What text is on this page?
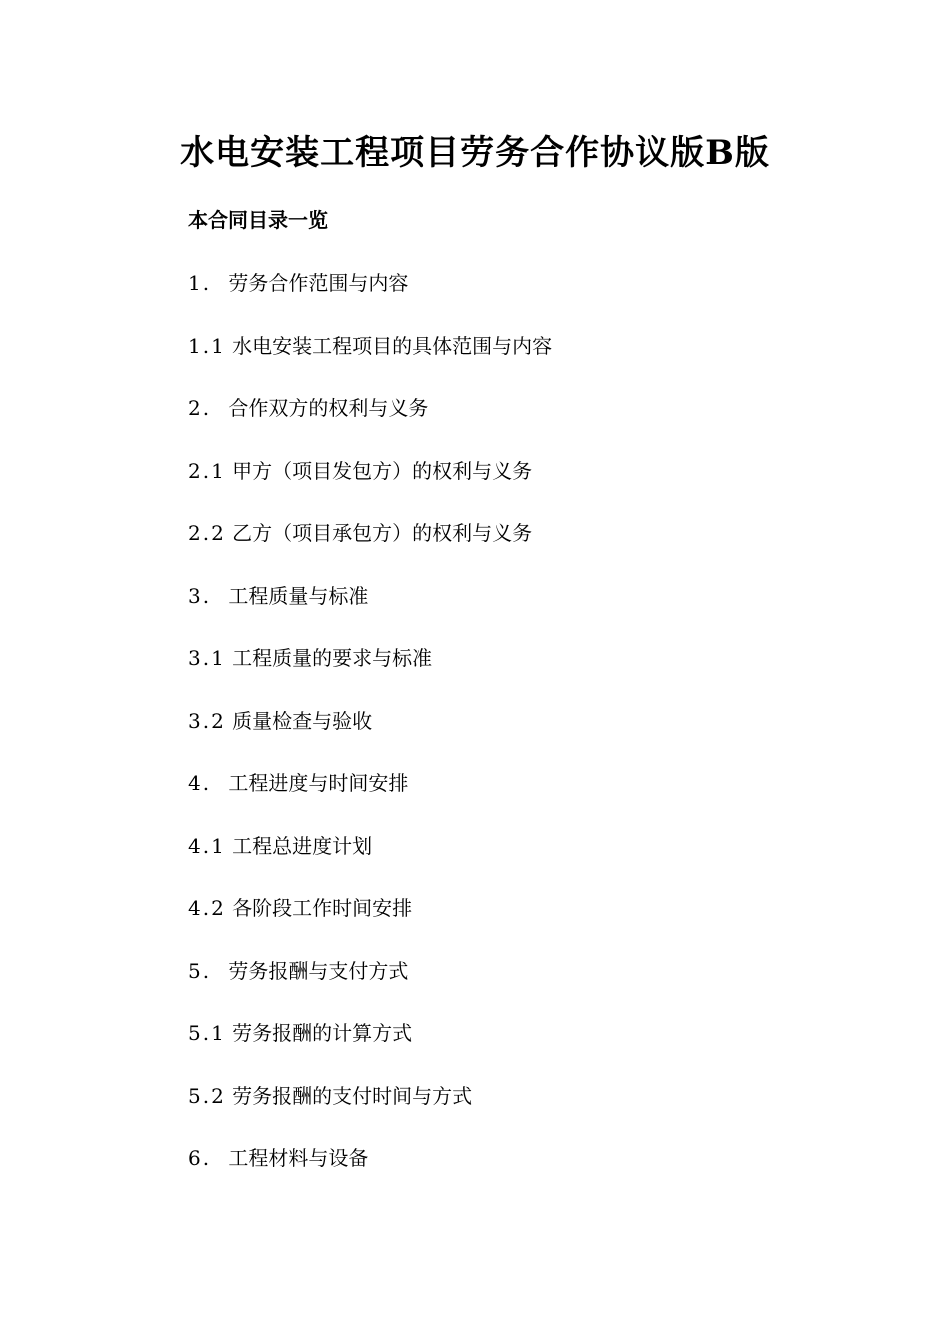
水电安装工程项目劳务合作协议版B版
本合同目录一览
1. 劳务合作范围与内容
1.1 水电安装工程项目的具体范围与内容
2. 合作双方的权利与义务
2.1 甲方（项目发包方）的权利与义务
2.2 乙方（项目承包方）的权利与义务
3. 工程质量与标准
3.1 工程质量的要求与标准
3.2 质量检查与验收
4. 工程进度与时间安排
4.1 工程总进度计划
4.2 各阶段工作时间安排
5. 劳务报酬与支付方式
5.1 劳务报酬的计算方式
5.2 劳务报酬的支付时间与方式
6. 工程材料与设备
